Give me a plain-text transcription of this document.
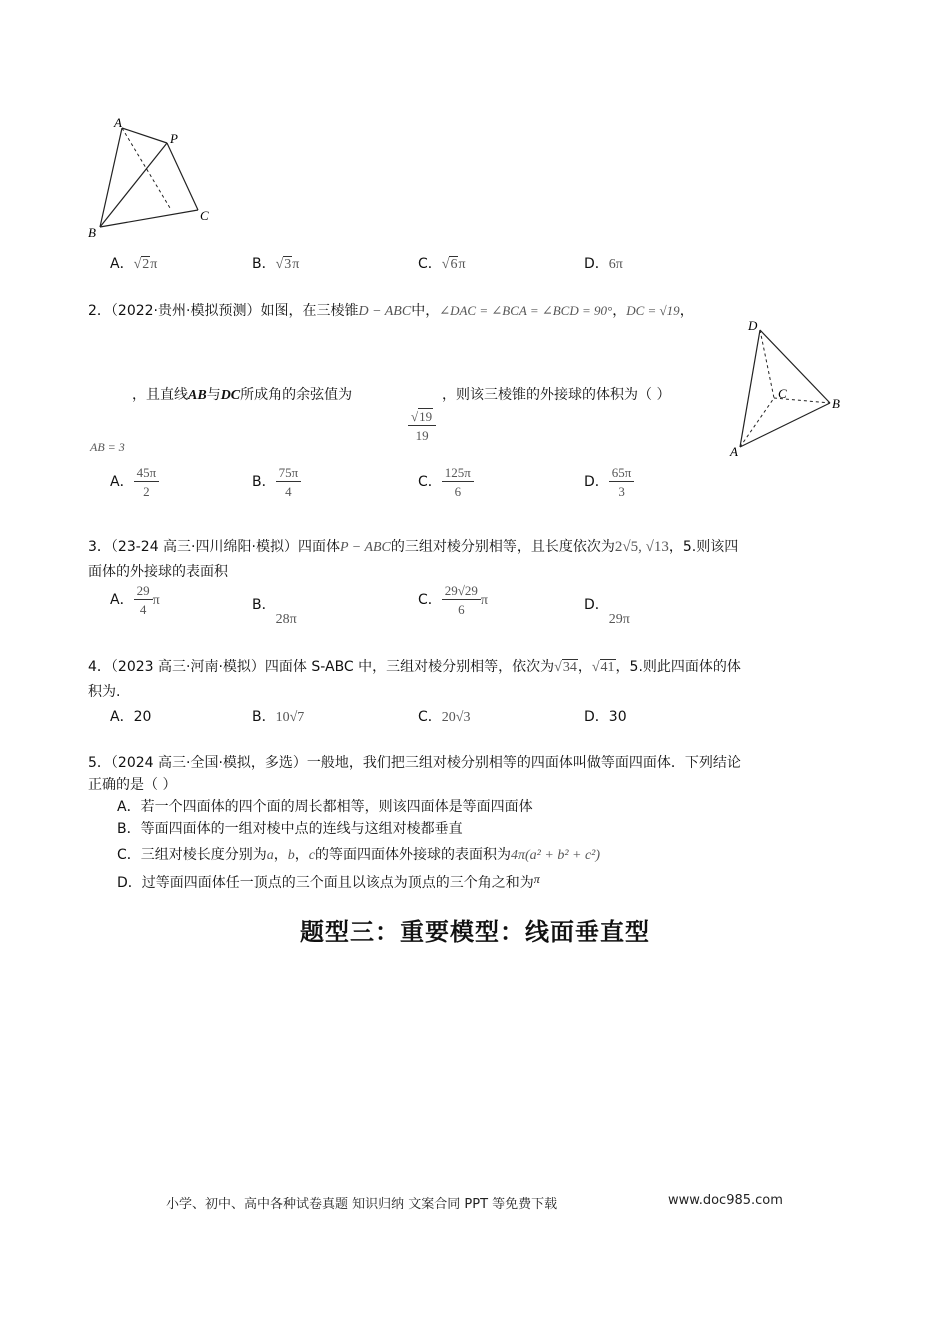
A
P
B
C
A．√2π	B．√3π	C．√6π	D．6π
2．（2022·贵州·模拟预测）如图，在三棱锥D − ABC中，∠DAC = ∠BCA = ∠BCD = 90°，DC = √19，
，且直线AB与DC所成角的余弦值为	，则该三棱锥的外接球的体积为（ ）
$\frac{√19}{19}$
AB = 3
D
C
B
A
A． $\frac{45\pi}{2}$	B． $\frac{75\pi}{4}$	C． $\frac{125\pi}{6}$	D． $\frac{65\pi}{3}$
3．（23-24 高三·四川绵阳·模拟）四面体P − ABC的三组对棱分别相等，且长度依次为2√5, √13，5.则该四
面体的外接球的表面积
A． $\frac{29}{4}$ π	B．28π
C． $\frac{29√29}{6}$ π	D．29π
4．（2023 高三·河南·模拟）四面体 S-ABC 中，三组对棱分别相等，依次为√34，√41，5.则此四面体的体
积为.
A．20	B．10√7	C．20√3	D．30
5．（2024 高三·全国·模拟，多选）一般地，我们把三组对棱分别相等的四面体叫做等面四面体．下列结论
正确的是（ ）
A．若一个四面体的四个面的周长都相等，则该四面体是等面四面体
B．等面四面体的一组对棱中点的连线与这组对棱都垂直
C．三组对棱长度分别为a，b，c的等面四面体外接球的表面积为4π(a² + b² + c²)
D．过等面四面体任一顶点的三个面且以该点为顶点的三个角之和为π
题型三：重要模型：线面垂直型
小学、初中、高中各种试卷真题 知识归纳 文案合同 PPT 等免费下载	www.doc985.com
